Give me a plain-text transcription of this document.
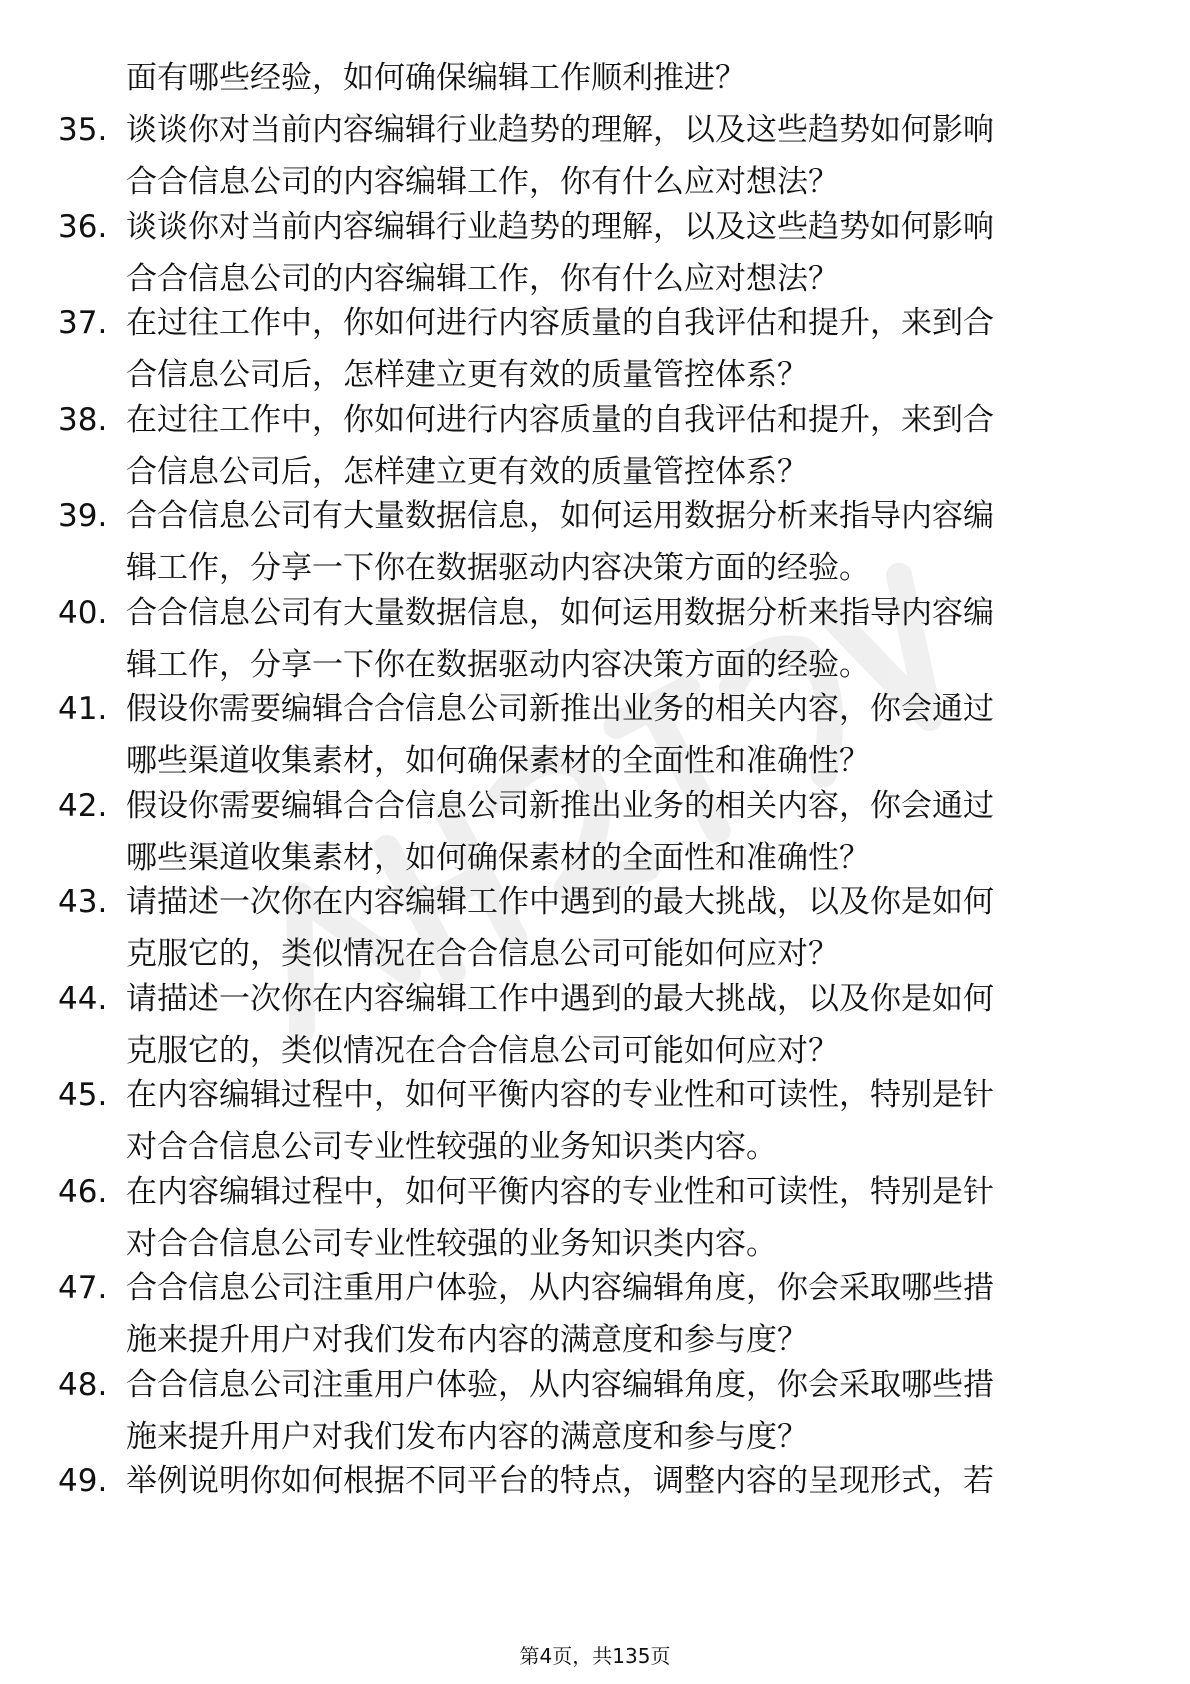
面有哪些经验，如何确保编辑工作顺利推进？
35. 谈谈你对当前内容编辑行业趋势的理解，以及这些趋势如何影响
合合信息公司的内容编辑工作，你有什么应对想法？
36. 谈谈你对当前内容编辑行业趋势的理解，以及这些趋势如何影响
合合信息公司的内容编辑工作，你有什么应对想法？
37. 在过往工作中，你如何进行内容质量的自我评估和提升，来到合
合信息公司后，怎样建立更有效的质量管控体系？
38. 在过往工作中，你如何进行内容质量的自我评估和提升，来到合
合信息公司后，怎样建立更有效的质量管控体系？
39. 合合信息公司有大量数据信息，如何运用数据分析来指导内容编
辑工作，分享一下你在数据驱动内容决策方面的经验。
40. 合合信息公司有大量数据信息，如何运用数据分析来指导内容编
辑工作，分享一下你在数据驱动内容决策方面的经验。
41. 假设你需要编辑合合信息公司新推出业务的相关内容，你会通过
哪些渠道收集素材，如何确保素材的全面性和准确性？
42. 假设你需要编辑合合信息公司新推出业务的相关内容，你会通过
哪些渠道收集素材，如何确保素材的全面性和准确性？
43. 请描述一次你在内容编辑工作中遇到的最大挑战，以及你是如何
克服它的，类似情况在合合信息公司可能如何应对？
44. 请描述一次你在内容编辑工作中遇到的最大挑战，以及你是如何
克服它的，类似情况在合合信息公司可能如何应对？
45. 在内容编辑过程中，如何平衡内容的专业性和可读性，特别是针
对合合信息公司专业性较强的业务知识类内容。
46. 在内容编辑过程中，如何平衡内容的专业性和可读性，特别是针
对合合信息公司专业性较强的业务知识类内容。
47. 合合信息公司注重用户体验，从内容编辑角度，你会采取哪些措
施来提升用户对我们发布内容的满意度和参与度？
48. 合合信息公司注重用户体验，从内容编辑角度，你会采取哪些措
施来提升用户对我们发布内容的满意度和参与度？
49. 举例说明你如何根据不同平台的特点，调整内容的呈现形式，若
第4页，共135页
